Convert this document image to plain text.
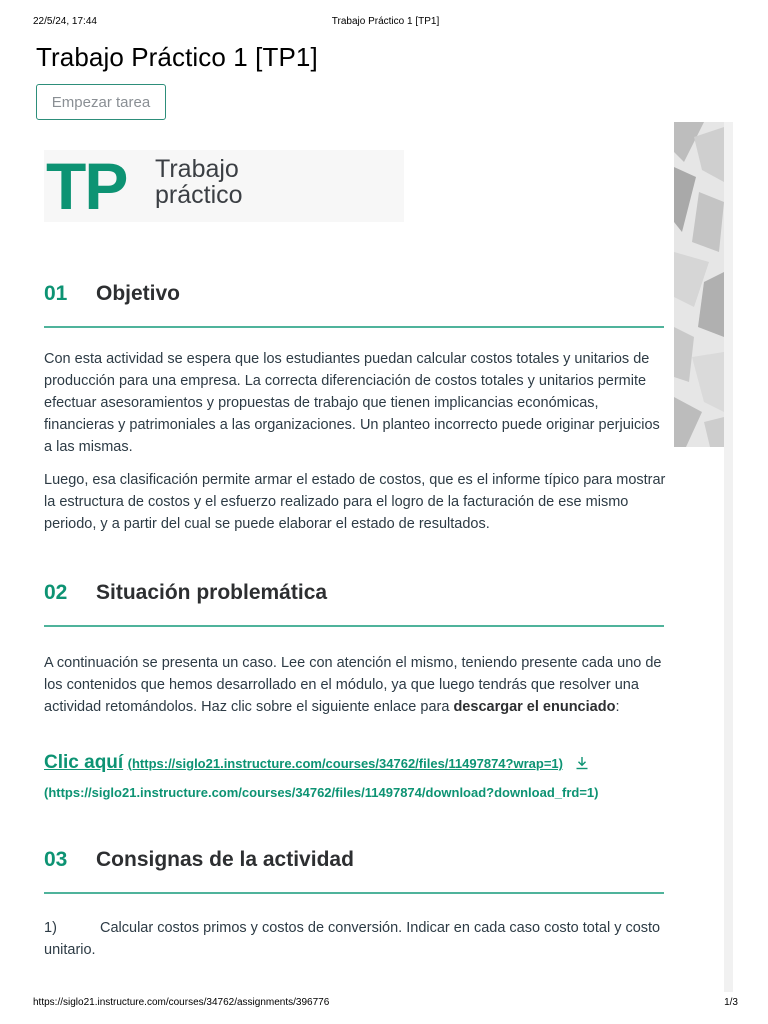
22/5/24, 17:44	Trabajo Práctico 1 [TP1]
Trabajo Práctico 1 [TP1]
Empezar tarea
TP Trabajo
práctico
01 Objetivo

Con esta actividad se espera que los estudiantes puedan calcular costos totales y unitarios de producción para una empresa. La correcta diferenciación de costos totales y unitarios permite efectuar asesoramientos y propuestas de trabajo que tienen implicancias económicas, financieras y patrimoniales a las organizaciones. Un planteo incorrecto puede originar perjuicios a las mismas.

Luego, esa clasificación permite armar el estado de costos, que es el informe típico para mostrar la estructura de costos y el esfuerzo realizado para el logro de la facturación de ese mismo periodo, y a partir del cual se puede elaborar el estado de resultados.

02 Situación problemática

A continuación se presenta un caso. Lee con atención el mismo, teniendo presente cada uno de los contenidos que hemos desarrollado en el módulo, ya que luego tendrás que resolver una actividad retomándolos. Haz clic sobre el siguiente enlace para descargar el enunciado:

Clic aquí (https://siglo21.instructure.com/courses/34762/files/11497874?wrap=1)
(https://siglo21.instructure.com/courses/34762/files/11497874/download?download_frd=1)
03 Consignas de la actividad
1)	Calcular costos primos y costos de conversión. Indicar en cada caso costo total y costo unitario.
https://siglo21.instructure.com/courses/34762/assignments/396776	1/3
